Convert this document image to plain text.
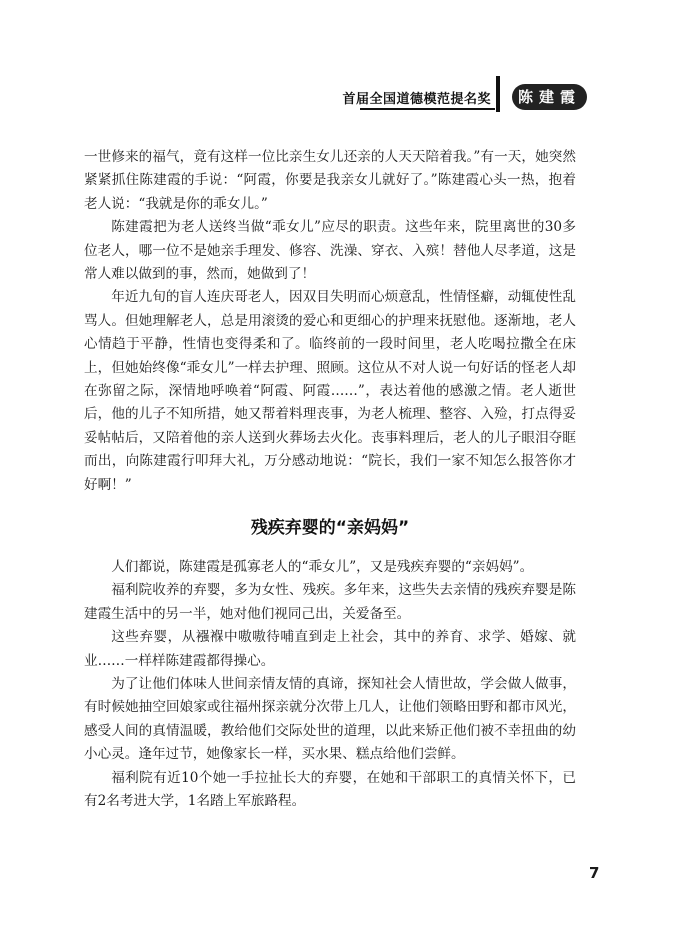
首届全国道德模范提名奖	陈建霞

一世修来的福气，竟有这样一位比亲生女儿还亲的人天天陪着我。”有一天，她突然紧紧抓住陈建霞的手说：“阿霞，你要是我亲女儿就好了。”陈建霞心头一热，抱着老人说：“我就是你的乖女儿。”

陈建霞把为老人送终当做“乖女儿”应尽的职责。这些年来，院里离世的30多位老人，哪一位不是她亲手理发、修容、洗澡、穿衣、入殡！替他人尽孝道，这是常人难以做到的事，然而，她做到了！

年近九旬的盲人连庆哥老人，因双目失明而心烦意乱，性情怪癖，动辄使性乱骂人。但她理解老人，总是用滚烫的爱心和更细心的护理来抚慰他。逐渐地，老人心情趋于平静，性情也变得柔和了。临终前的一段时间里，老人吃喝拉撒全在床上，但她始终像“乖女儿”一样去护理、照顾。这位从不对人说一句好话的怪老人却在弥留之际，深情地呼唤着“阿霞、阿霞……”，表达着他的感激之情。老人逝世后，他的儿子不知所措，她又帮着料理丧事，为老人梳理、整容、入殓，打点得妥妥帖帖后，又陪着他的亲人送到火葬场去火化。丧事料理后，老人的儿子眼泪夺眶而出，向陈建霞行叩拜大礼，万分感动地说：“院长，我们一家不知怎么报答你才好啊！”

残疾弃婴的“亲妈妈”

人们都说，陈建霞是孤寡老人的“乖女儿”，又是残疾弃婴的“亲妈妈”。

福利院收养的弃婴，多为女性、残疾。多年来，这些失去亲情的残疾弃婴是陈建霞生活中的另一半，她对他们视同己出，关爱备至。

这些弃婴，从襁褓中嗷嗷待哺直到走上社会，其中的养育、求学、婚嫁、就业……一样样陈建霞都得操心。

为了让他们体味人世间亲情友情的真谛，探知社会人情世故，学会做人做事，有时候她抽空回娘家或往福州探亲就分次带上几人，让他们领略田野和都市风光，感受人间的真情温暖，教给他们交际处世的道理，以此来矫正他们被不幸扭曲的幼小心灵。逢年过节，她像家长一样，买水果、糕点给他们尝鲜。

福利院有近10个她一手拉扯长大的弃婴，在她和干部职工的真情关怀下，已有2名考进大学，1名踏上军旅路程。

7
